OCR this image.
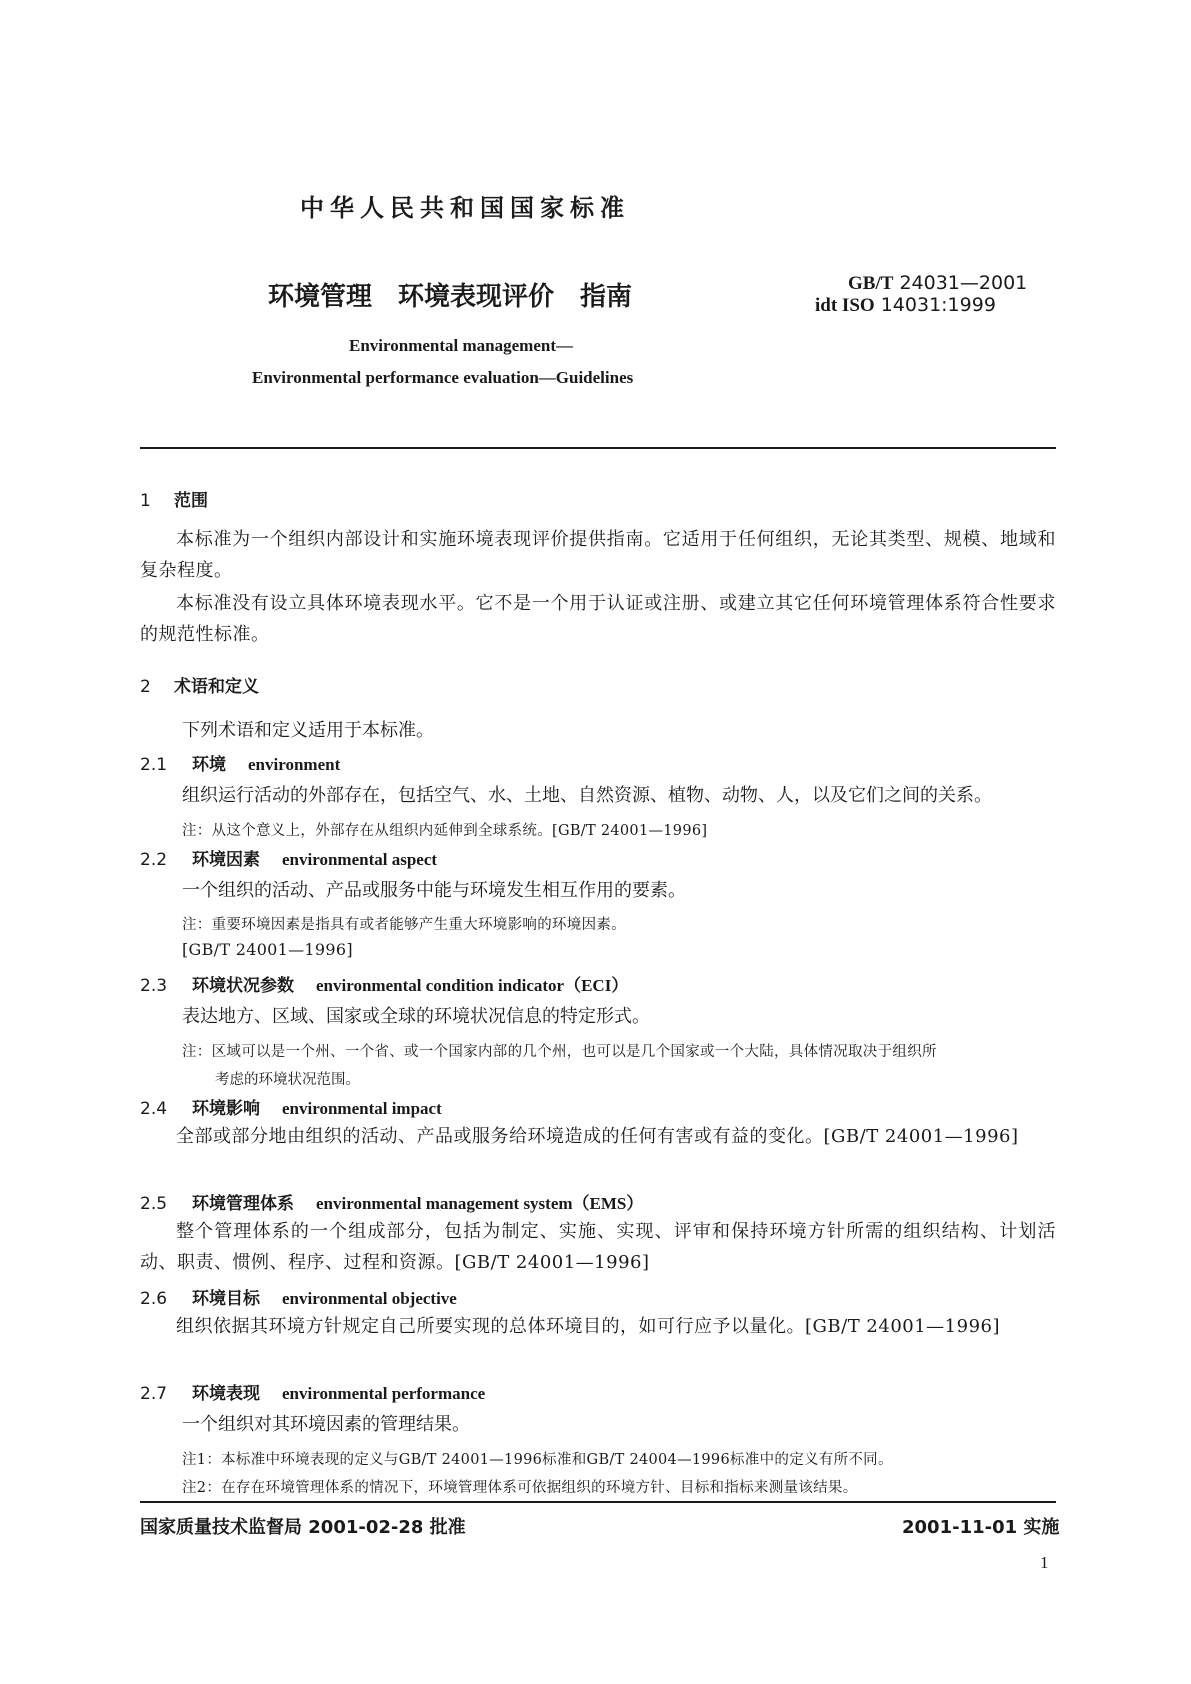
中华人民共和国国家标准
环境管理　环境表现评价　指南	GB/T 24031—2001
idt ISO 14031:1999
Environmental management—
Environmental performance evaluation—Guidelines
1 范围
本标准为一个组织内部设计和实施环境表现评价提供指南。它适用于任何组织，无论其类型、规模、地域和复杂程度。
本标准没有设立具体环境表现水平。它不是一个用于认证或注册、或建立其它任何环境管理体系符合性要求的规范性标准。
2 术语和定义
下列术语和定义适用于本标准。
2.1 环境 environment
组织运行活动的外部存在，包括空气、水、土地、自然资源、植物、动物、人，以及它们之间的关系。
注：从这个意义上，外部存在从组织内延伸到全球系统。[GB/T 24001—1996]
2.2 环境因素 environmental aspect
一个组织的活动、产品或服务中能与环境发生相互作用的要素。
注：重要环境因素是指具有或者能够产生重大环境影响的环境因素。
[GB/T 24001—1996]
2.3 环境状况参数 environmental condition indicator（ECI）
表达地方、区域、国家或全球的环境状况信息的特定形式。
注：区域可以是一个州、一个省、或一个国家内部的几个州，也可以是几个国家或一个大陆，具体情况取决于组织所
考虑的环境状况范围。
2.4 环境影响 environmental impact
全部或部分地由组织的活动、产品或服务给环境造成的任何有害或有益的变化。[GB/T 24001—1996]
2.5 环境管理体系 environmental management system（EMS）
整个管理体系的一个组成部分，包括为制定、实施、实现、评审和保持环境方针所需的组织结构、计划活动、职责、惯例、程序、过程和资源。[GB/T 24001—1996]
2.6 环境目标 environmental objective
组织依据其环境方针规定自己所要实现的总体环境目的，如可行应予以量化。[GB/T 24001—1996]
2.7 环境表现 environmental performance
一个组织对其环境因素的管理结果。
注1：本标准中环境表现的定义与GB/T 24001—1996标准和GB/T 24004—1996标准中的定义有所不同。
注2：在存在环境管理体系的情况下，环境管理体系可依据组织的环境方针、目标和指标来测量该结果。
国家质量技术监督局 2001-02-28 批准	2001-11-01 实施
1
